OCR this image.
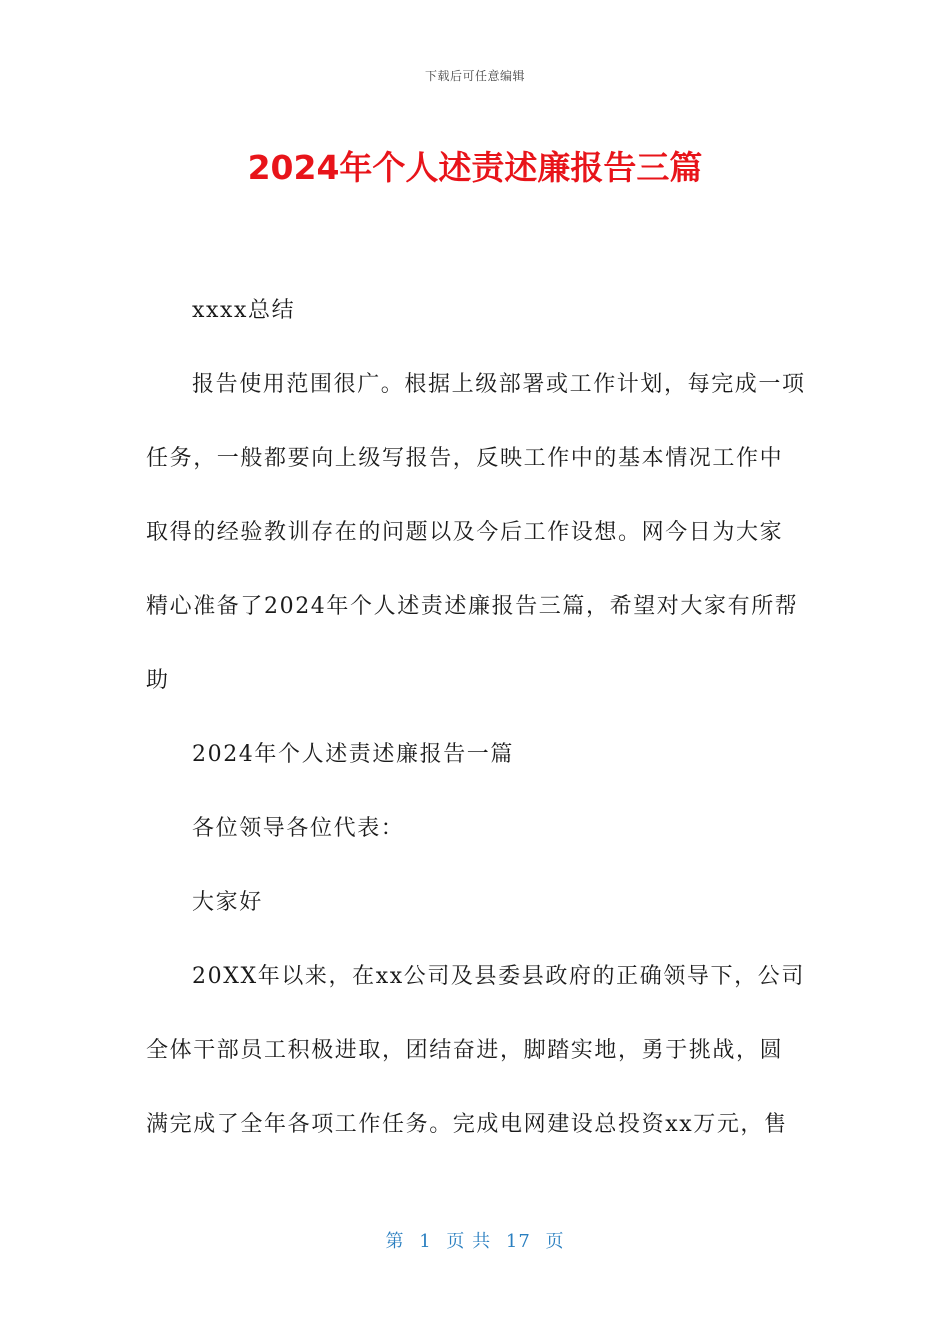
下载后可任意编辑
2024年个人述责述廉报告三篇

xxxx总结

报告使用范围很广。根据上级部署或工作计划，每完成一项任务，一般都要向上级写报告，反映工作中的基本情况工作中取得的经验教训存在的问题以及今后工作设想。网今日为大家精心准备了2024年个人述责述廉报告三篇，希望对大家有所帮助

2024年个人述责述廉报告一篇

各位领导各位代表：

大家好

20XX年以来，在xx公司及县委县政府的正确领导下，公司全体干部员工积极进取，团结奋进，脚踏实地，勇于挑战，圆满完成了全年各项工作任务。完成电网建设总投资xx万元，售

第 1 页 共 17 页
